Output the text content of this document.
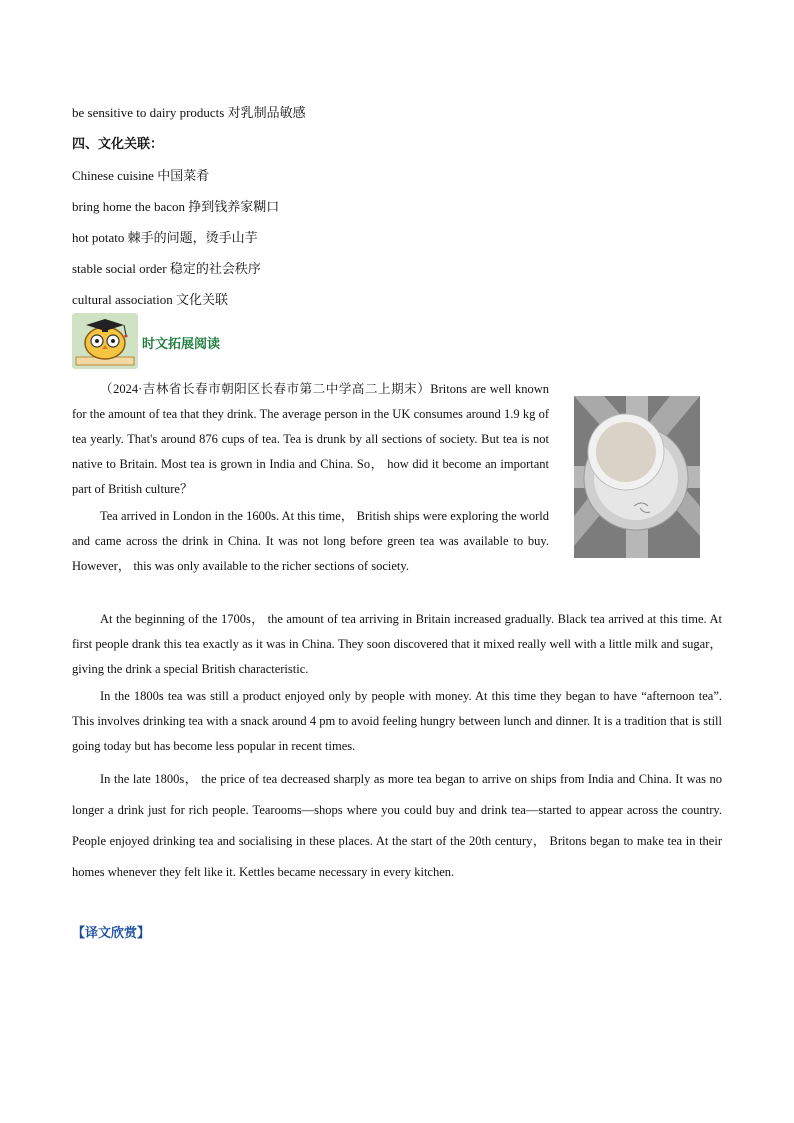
be sensitive to dairy products 对乳制品敏感
四、文化关联：
Chinese cuisine 中国菜肴
bring home the bacon 挣到钱养家糊口
hot potato 棘手的问题，烫手山芋
stable social order 稳定的社会秩序
cultural association 文化关联
时文拓展阅读

（2024·吉林省长春市朝阳区长春市第二中学高二上期末）Britons are well known for the amount of tea that they drink. The average person in the UK consumes around 1.9 kg of tea yearly. That's around 876 cups of tea. Tea is drunk by all sections of society. But tea is not native to Britain. Most tea is grown in India and China. So， how did it become an important part of British culture？

Tea arrived in London in the 1600s. At this time， British ships were exploring the world and came across the drink in China. It was not long before green tea was available to buy. However， this was only available to the richer sections of society.

At the beginning of the 1700s， the amount of tea arriving in Britain increased gradually. Black tea arrived at this time. At first people drank this tea exactly as it was in China. They soon discovered that it mixed really well with a little milk and sugar， giving the drink a special British characteristic.

In the 1800s tea was still a product enjoyed only by people with money. At this time they began to have “afternoon tea”. This involves drinking tea with a snack around 4 pm to avoid feeling hungry between lunch and dinner. It is a tradition that is still going today but has become less popular in recent times.

In the late 1800s， the price of tea decreased sharply as more tea began to arrive on ships from India and China. It was no longer a drink just for rich people. Tearooms—shops where you could buy and drink tea—started to appear across the country. People enjoyed drinking tea and socialising in these places. At the start of the 20th century， Britons began to make tea in their homes whenever they felt like it. Kettles became necessary in every kitchen.

【译文欣赏】
